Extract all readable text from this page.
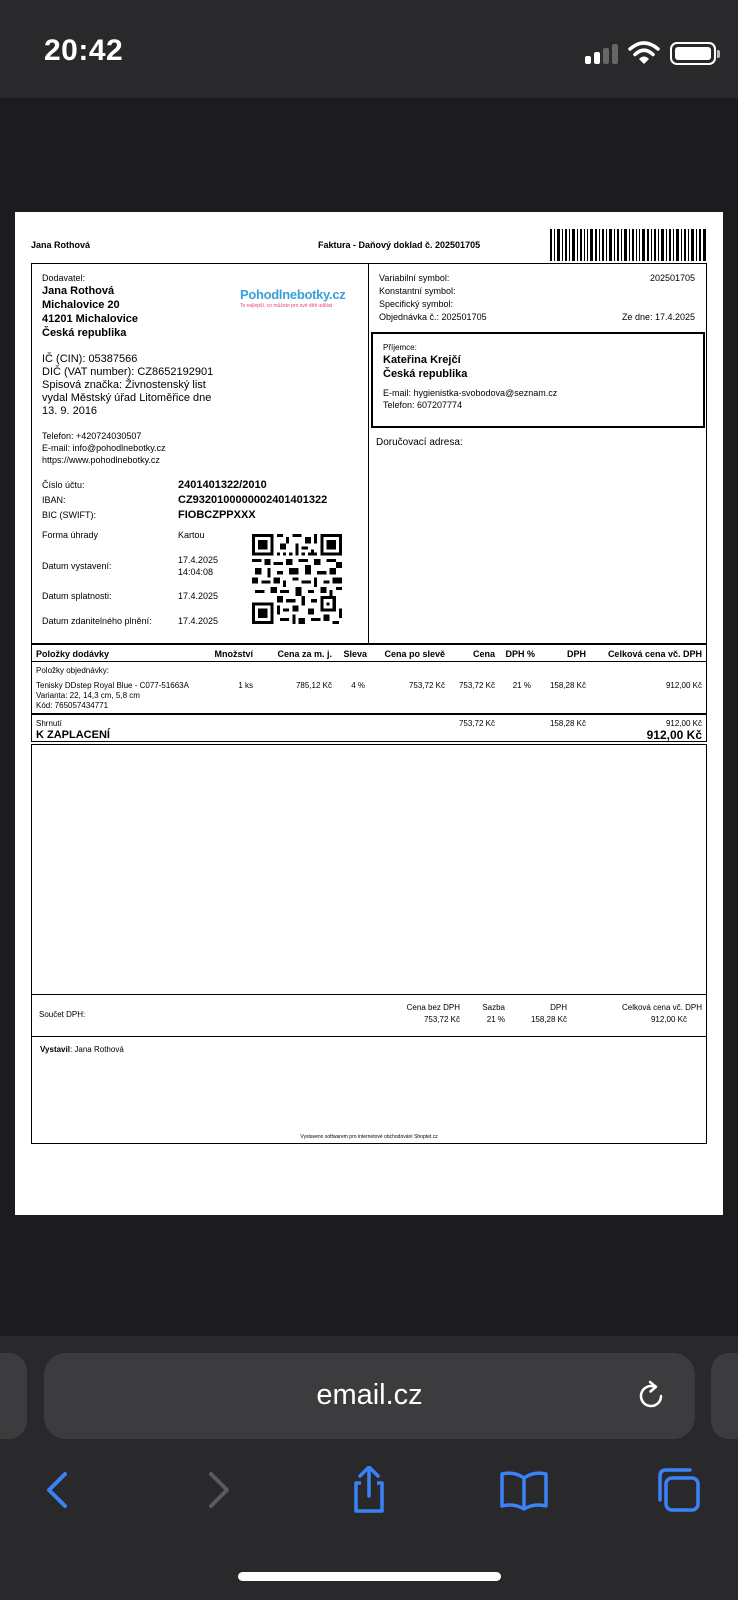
20:42
Jana Rothová	Faktura - Daňový doklad č. 202501705
Dodavatel:
Jana Rothová
Michalovice 20
41201 Michalovice
Česká republika
Pohodlnebotky.cz
To nejlepší, co můžete pro své děti udělat
IČ (CIN): 05387566
DIČ (VAT number): CZ8652192901
Spisová značka: Živnostenský list
vydal Městský úřad Litoměřice dne
13. 9. 2016
Telefon: +420724030507
E-mail: info@pohodlnebotky.cz
https://www.pohodlnebotky.cz
Číslo účtu:	2401401322/2010
IBAN:	CZ9320100000002401401322
BIC (SWIFT):	FIOBCZPPXXX
Forma úhrady	Kartou
Datum vystavení:
17.4.2025
14:04:08
Datum splatnosti:	17.4.2025
Datum zdanitelného plnění:	17.4.2025
Variabilní symbol:	202501705
Konstantní symbol:
Specifický symbol:
Objednávka č.: 202501705	Ze dne: 17.4.2025
Příjemce:
Kateřina Krejčí
Česká republika
E-mail: hygienistka-svobodova@seznam.cz
Telefon: 607207774
Doručovací adresa:
Položky dodávky	Množství	Cena za m. j.	Sleva	Cena po slevě	Cena	DPH %	DPH	Celková cena vč. DPH
Položky objednávky:
Tenisky DDstep Royal Blue - C077-51663A
Varianta: 22, 14,3 cm, 5,8 cm
Kód: 765057434771
1 ks	785,12 Kč	4 %	753,72 Kč	753,72 Kč	21 %	158,28 Kč	912,00 Kč
Shrnutí	753,72 Kč	158,28 Kč	912,00 Kč
K ZAPLACENÍ	912,00 Kč
Součet DPH:
Cena bez DPH	Sazba	DPH	Celková cena vč. DPH
753,72 Kč	21 %	158,28 Kč	912,00 Kč
Vystavil: Jana Rothová
Vystaveno softwarem pro internetové obchodování Shoptet.cz
email.cz
